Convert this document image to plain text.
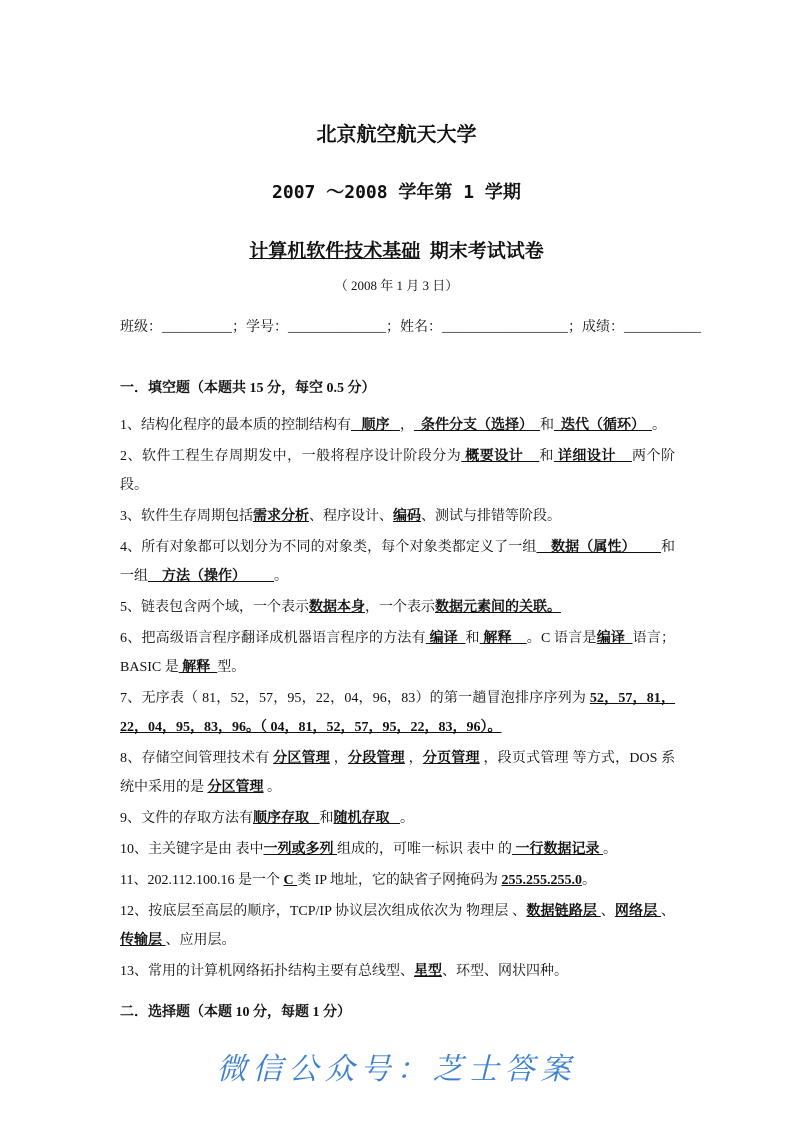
北京航空航天大学
2007 ～2008 学年第 1 学期
计算机软件技术基础 期末考试试卷
（ 2008 年 1 月 3 日）
班级：__________ ；学号：______________ ；姓名：__________________ ；成绩：___________
一．填空题（本题共 15 分，每空 0.5 分）
1、结构化程序的最本质的控制结构有   顺序   ，  条件分支（选择）  和  迭代（循环）  。
2、软件工程生存周期发中，一般将程序设计阶段分为 概要设计    和 详细设计    两个阶段。
3、软件生存周期包括需求分析、程序设计、编码、测试与排错等阶段。
4、所有对象都可以划分为不同的对象类，每个对象类都定义了一组    数据（属性）       和一组    方法（操作）        。
5、链表包含两个域，一个表示数据本身，一个表示数据元素间的关联。
6、把高级语言程序翻译成机器语言程序的方法有 编译  和 解释    。C 语言是编译  语言；BASIC 是 解释  型。
7、无序表（ 81，52，57，95，22，04，96，83）的第一趟冒泡排序序列为 52，57，81，22，04，95，83，96。（ 04，81，52，57，95，22，83，96）。
8、存储空间管理技术有 分区管理 ，分段管理 ，分页管理 ，段页式管理 等方式，DOS 系统中采用的是 分区管理 。
9、文件的存取方法有顺序存取   和随机存取   。
10、主关键字是由 表中一列或多列 组成的，可唯一标识 表中 的 一行数据记录 。
11、202.112.100.16 是一个 C 类 IP 地址，它的缺省子网掩码为 255.255.255.0。
12、按底层至高层的顺序，TCP/IP 协议层次组成依次为 物理层 、数据链路层 、网络层 、传输层 、应用层。
13、常用的计算机网络拓扑结构主要有总线型、星型、环型、网状四种。
二．选择题（本题 10 分，每题 1 分）
微信公众号：芝士答案
